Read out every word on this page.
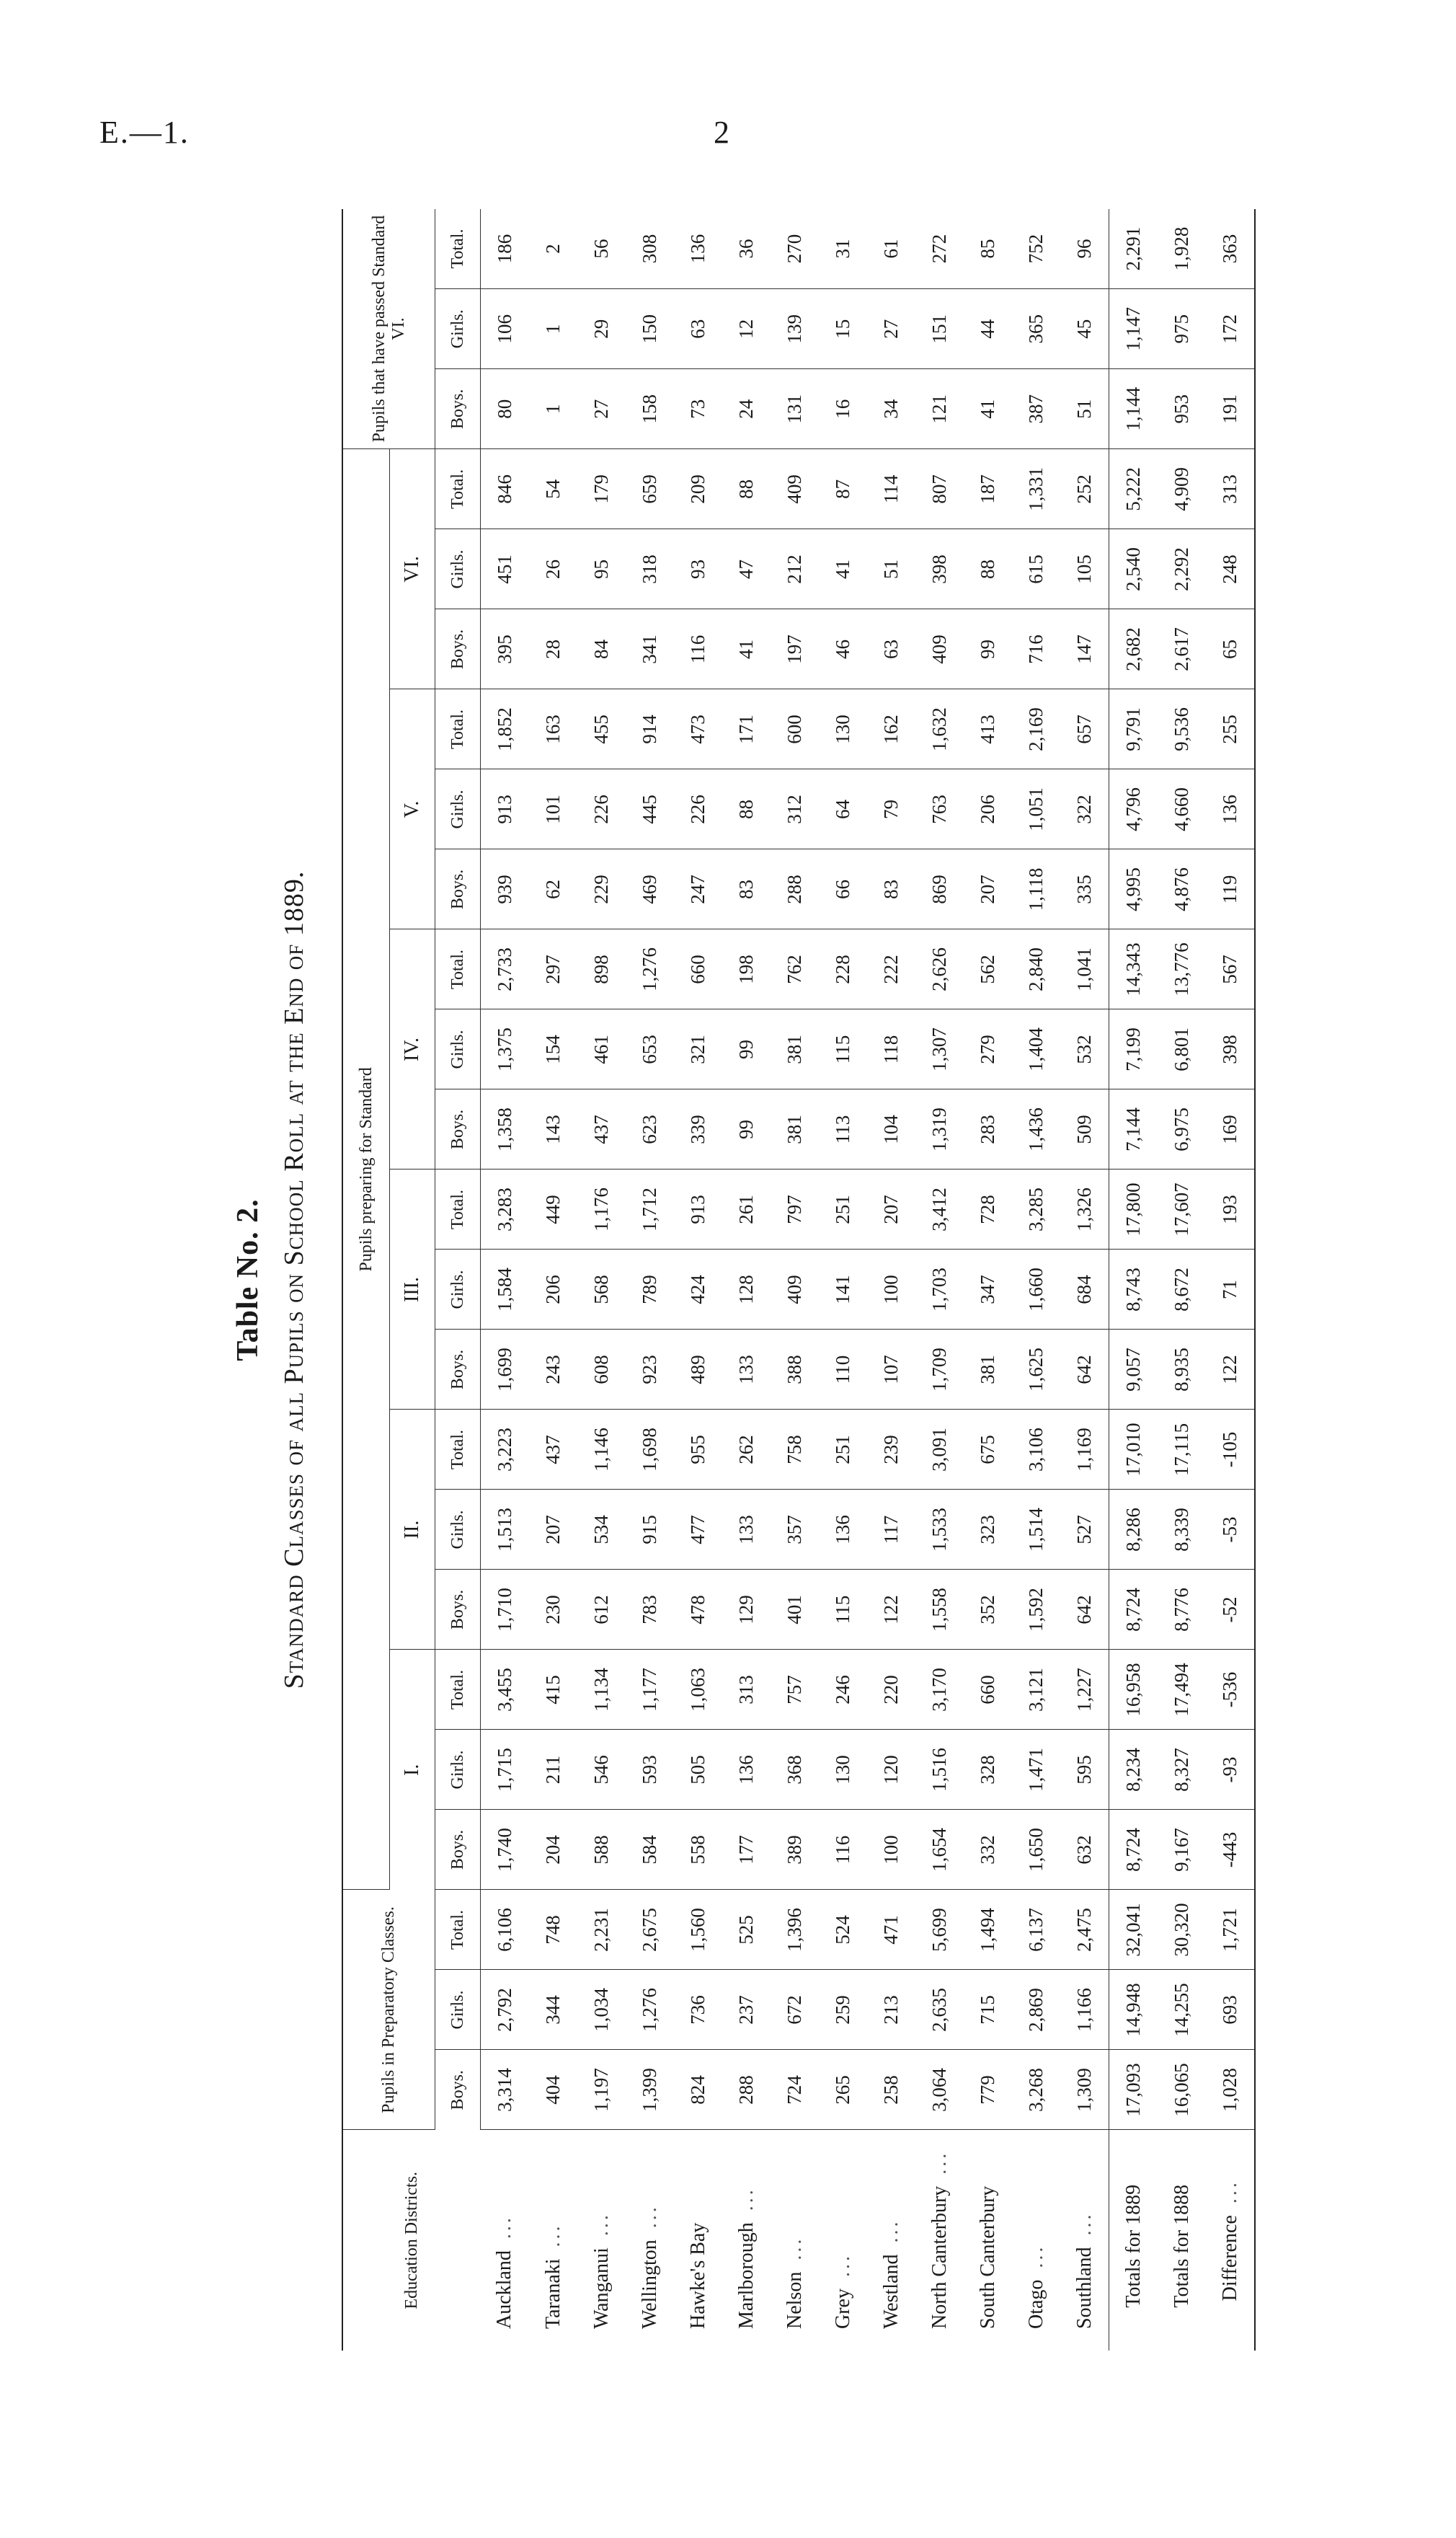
E.—1.	2
Table No. 2. Standard Classes of all Pupils on School Roll at the End of 1889.
Education Districts.	Pupils in Preparatory Classes.			Pupils preparing for Standard																		Pupils that have passed Standard VI.		
				I.			II.			III.			IV.			V.			VI.					
	Boys.	Girls.	Total.	Boys.	Girls.	Total.	Boys.	Girls.	Total.	Boys.	Girls.	Total.	Boys.	Girls.	Total.	Boys.	Girls.	Total.	Boys.	Girls.	Total.	Boys.	Girls.	Total.
Auckland...	3,314	2,792	6,106	1,740	1,715	3,455	1,710	1,513	3,223	1,699	1,584	3,283	1,358	1,375	2,733	939	913	1,852	395	451	846	80	106	186
Taranaki...	404	344	748	204	211	415	230	207	437	243	206	449	143	154	297	62	101	163	28	26	54	1	1	2
Wanganui...	1,197	1,034	2,231	588	546	1,134	612	534	1,146	608	568	1,176	437	461	898	229	226	455	84	95	179	27	29	56
Wellington...	1,399	1,276	2,675	584	593	1,177	783	915	1,698	923	789	1,712	623	653	1,276	469	445	914	341	318	659	158	150	308
Hawke's Bay	824	736	1,560	558	505	1,063	478	477	955	489	424	913	339	321	660	247	226	473	116	93	209	73	63	136
Marlborough...	288	237	525	177	136	313	129	133	262	133	128	261	99	99	198	83	88	171	41	47	88	24	12	36
Nelson...	724	672	1,396	389	368	757	401	357	758	388	409	797	381	381	762	288	312	600	197	212	409	131	139	270
Grey...	265	259	524	116	130	246	115	136	251	110	141	251	113	115	228	66	64	130	46	41	87	16	15	31
Westland...	258	213	471	100	120	220	122	117	239	107	100	207	104	118	222	83	79	162	63	51	114	34	27	61
North Canterbury...	3,064	2,635	5,699	1,654	1,516	3,170	1,558	1,533	3,091	1,709	1,703	3,412	1,319	1,307	2,626	869	763	1,632	409	398	807	121	151	272
South Canterbury	779	715	1,494	332	328	660	352	323	675	381	347	728	283	279	562	207	206	413	99	88	187	41	44	85
Otago...	3,268	2,869	6,137	1,650	1,471	3,121	1,592	1,514	3,106	1,625	1,660	3,285	1,436	1,404	2,840	1,118	1,051	2,169	716	615	1,331	387	365	752
Southland...	1,309	1,166	2,475	632	595	1,227	642	527	1,169	642	684	1,326	509	532	1,041	335	322	657	147	105	252	51	45	96
Totals for 1889	17,093	14,948	32,041	8,724	8,234	16,958	8,724	8,286	17,010	9,057	8,743	17,800	7,144	7,199	14,343	4,995	4,796	9,791	2,682	2,540	5,222	1,144	1,147	2,291
Totals for 1888	16,065	14,255	30,320	9,167	8,327	17,494	8,776	8,339	17,115	8,935	8,672	17,607	6,975	6,801	13,776	4,876	4,660	9,536	2,617	2,292	4,909	953	975	1,928
Difference...	1,028	693	1,721	-443	-93	-536	-52	-53	-105	122	71	193	169	398	567	119	136	255	65	248	313	191	172	363
